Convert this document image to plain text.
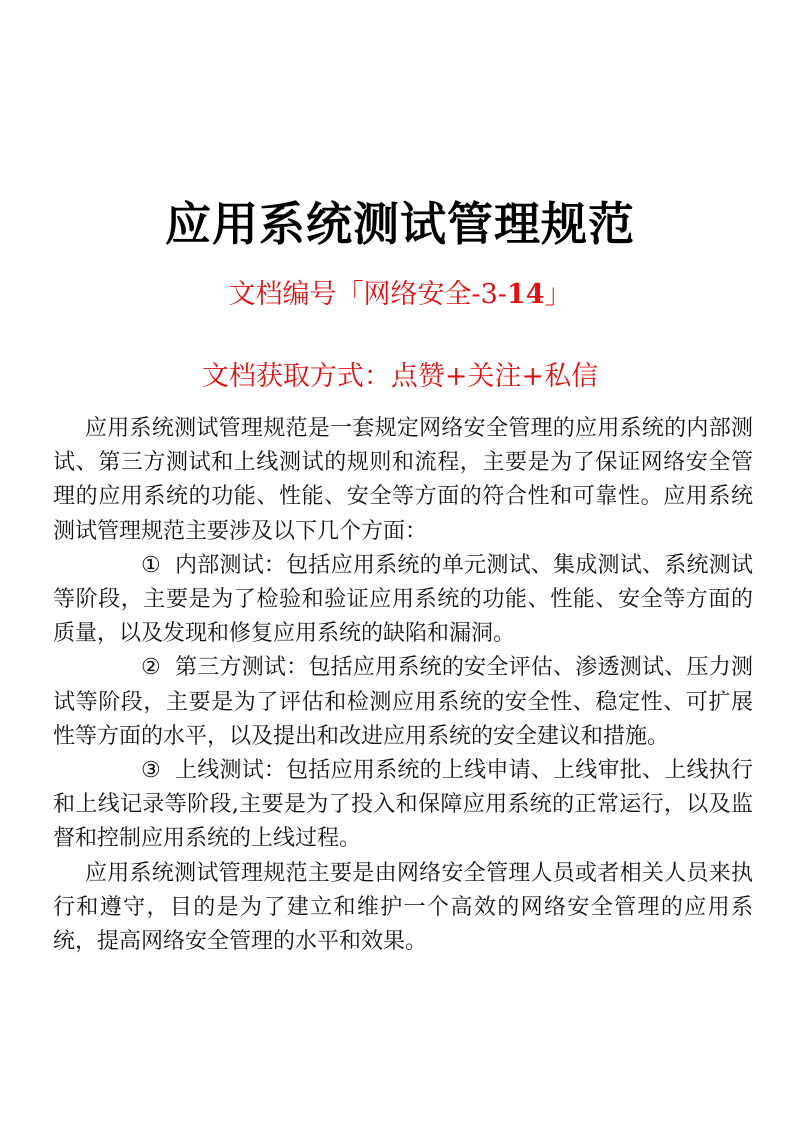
应用系统测试管理规范

文档编号「网络安全-3-14」

文档获取方式：点赞+关注+私信

应用系统测试管理规范是一套规定网络安全管理的应用系统的内部测试、第三方测试和上线测试的规则和流程，主要是为了保证网络安全管理的应用系统的功能、性能、安全等方面的符合性和可靠性。应用系统测试管理规范主要涉及以下几个方面：

① 内部测试：包括应用系统的单元测试、集成测试、系统测试等阶段，主要是为了检验和验证应用系统的功能、性能、安全等方面的质量，以及发现和修复应用系统的缺陷和漏洞。

② 第三方测试：包括应用系统的安全评估、渗透测试、压力测试等阶段，主要是为了评估和检测应用系统的安全性、稳定性、可扩展性等方面的水平，以及提出和改进应用系统的安全建议和措施。

③ 上线测试：包括应用系统的上线申请、上线审批、上线执行和上线记录等阶段,主要是为了投入和保障应用系统的正常运行，以及监督和控制应用系统的上线过程。

应用系统测试管理规范主要是由网络安全管理人员或者相关人员来执行和遵守，目的是为了建立和维护一个高效的网络安全管理的应用系统，提高网络安全管理的水平和效果。
